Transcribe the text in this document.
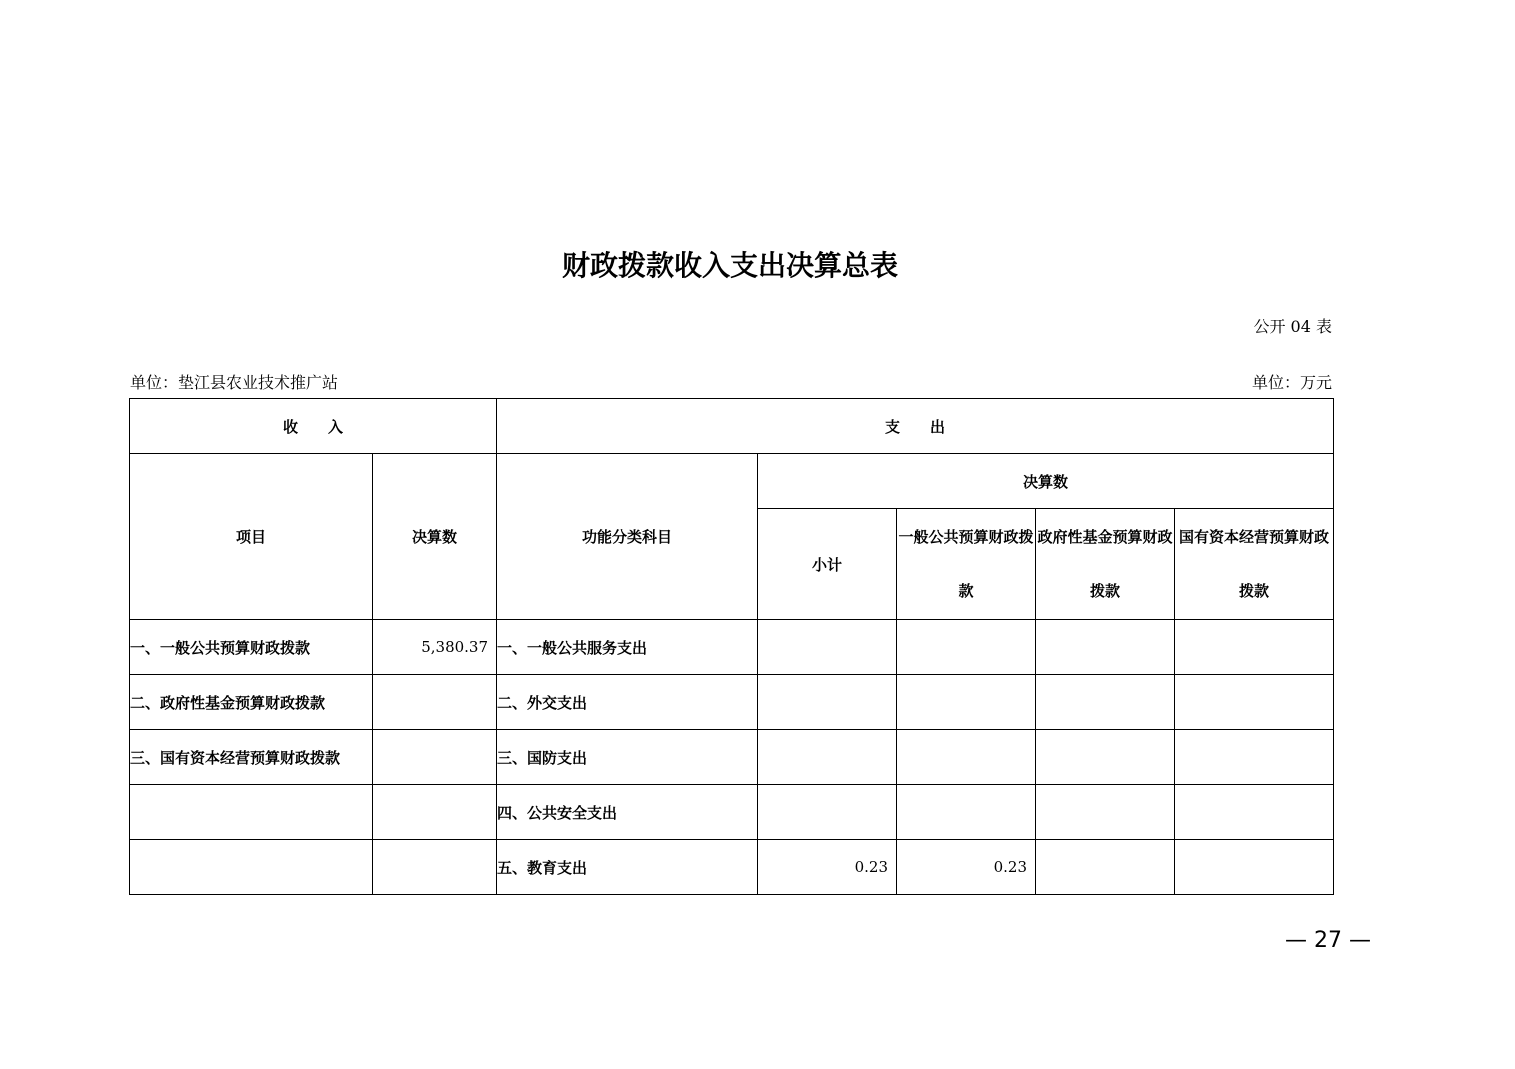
财政拨款收入支出决算总表
公开 04 表
单位：垫江县农业技术推广站	单位：万元
收　　入		支　　出				
项目	决算数	功能分类科目	决算数			
			小计	一般公共预算财政拨款	政府性基金预算财政拨款	国有资本经营预算财政拨款
一、一般公共预算财政拨款	5,380.37	一、一般公共服务支出				
二、政府性基金预算财政拨款		二、外交支出				
三、国有资本经营预算财政拨款		三、国防支出				
		四、公共安全支出				
		五、教育支出	0.23	0.23		
— 27 —
